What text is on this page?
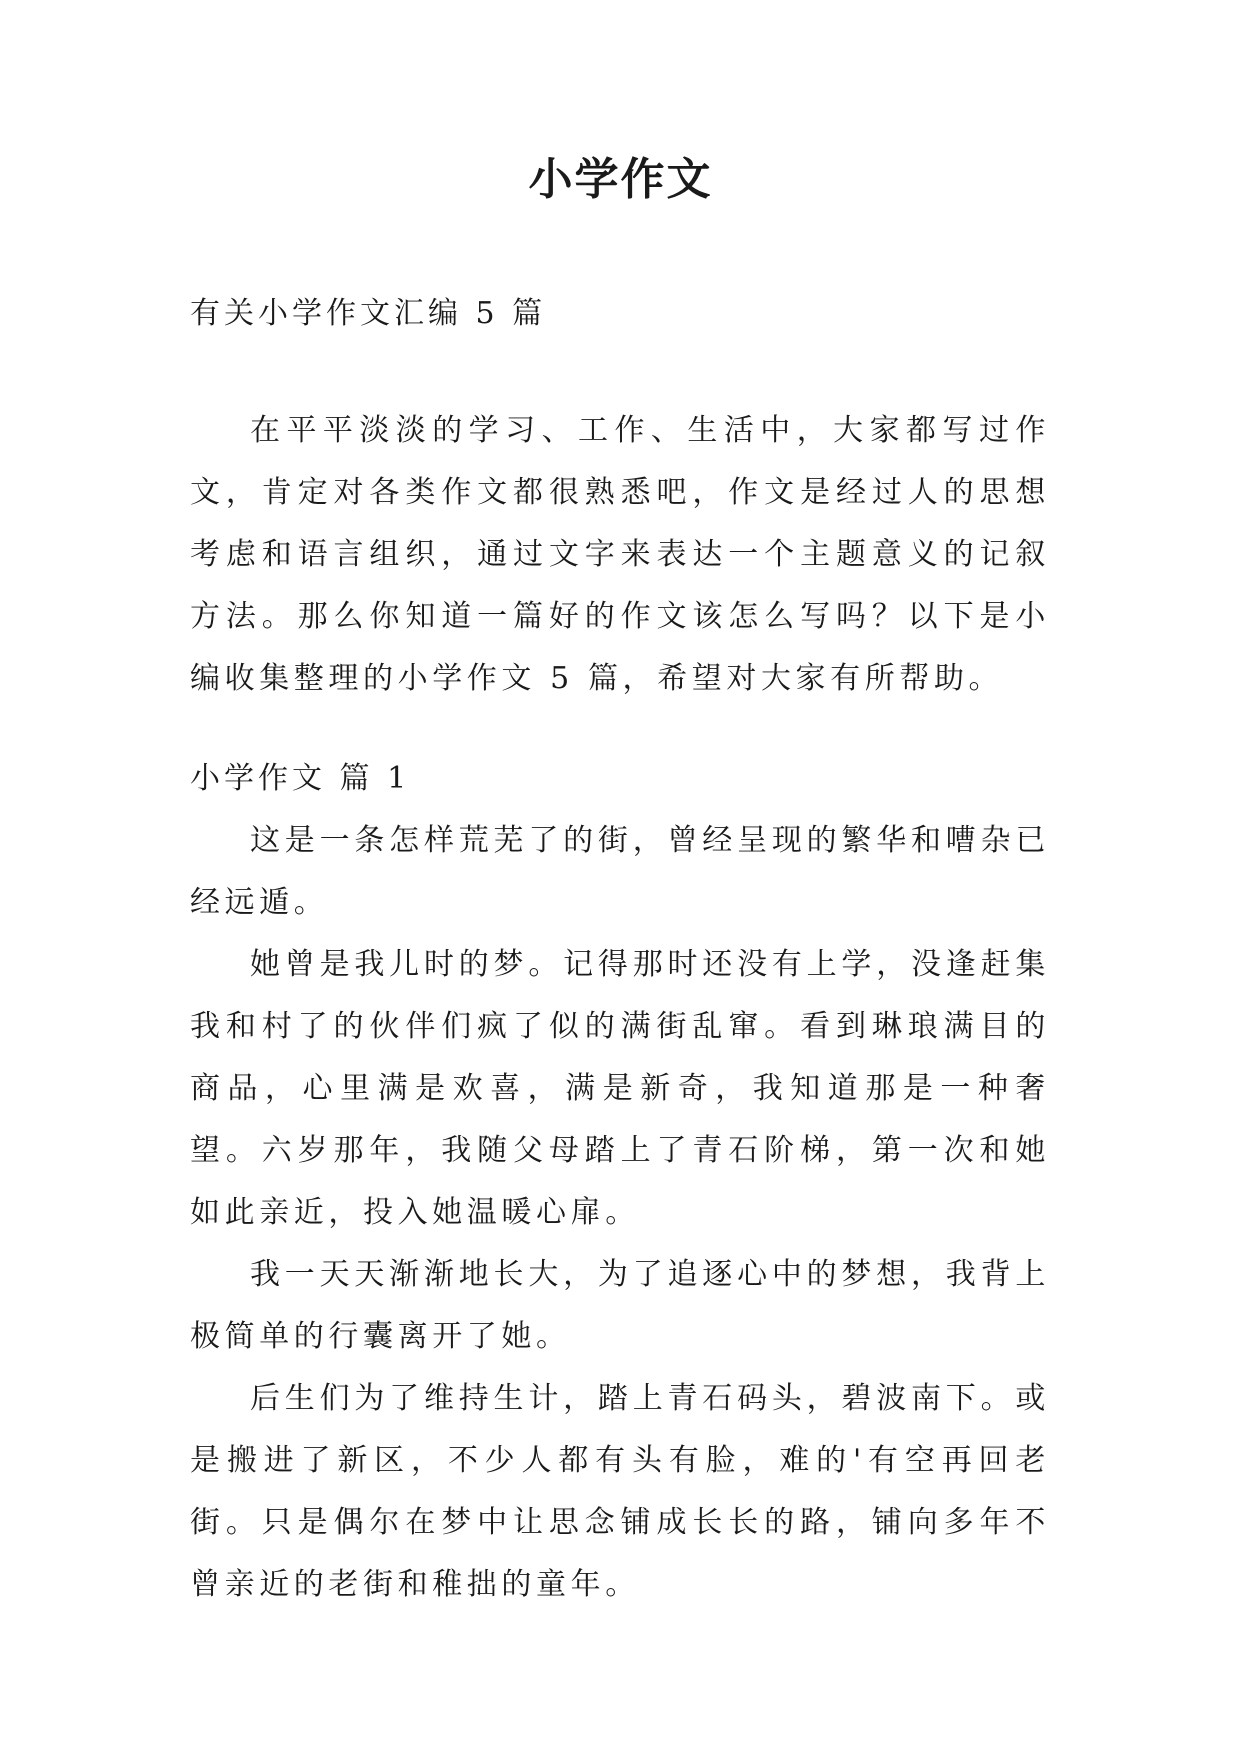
小学作文
有关小学作文汇编 5 篇

在平平淡淡的学习、工作、生活中，大家都写过作文，肯定对各类作文都很熟悉吧，作文是经过人的思想考虑和语言组织，通过文字来表达一个主题意义的记叙方法。那么你知道一篇好的作文该怎么写吗？以下是小编收集整理的小学作文 5 篇，希望对大家有所帮助。

小学作文 篇 1

这是一条怎样荒芜了的街，曾经呈现的繁华和嘈杂已经远遁。

她曾是我儿时的梦。记得那时还没有上学，没逢赶集我和村了的伙伴们疯了似的满街乱窜。看到琳琅满目的商品，心里满是欢喜，满是新奇，我知道那是一种奢望。六岁那年，我随父母踏上了青石阶梯，第一次和她如此亲近，投入她温暖心扉。

我一天天渐渐地长大，为了追逐心中的梦想，我背上极简单的行囊离开了她。

后生们为了维持生计，踏上青石码头，碧波南下。或是搬进了新区，不少人都有头有脸，难的'有空再回老街。只是偶尔在梦中让思念铺成长长的路，铺向多年不曾亲近的老街和稚拙的童年。
